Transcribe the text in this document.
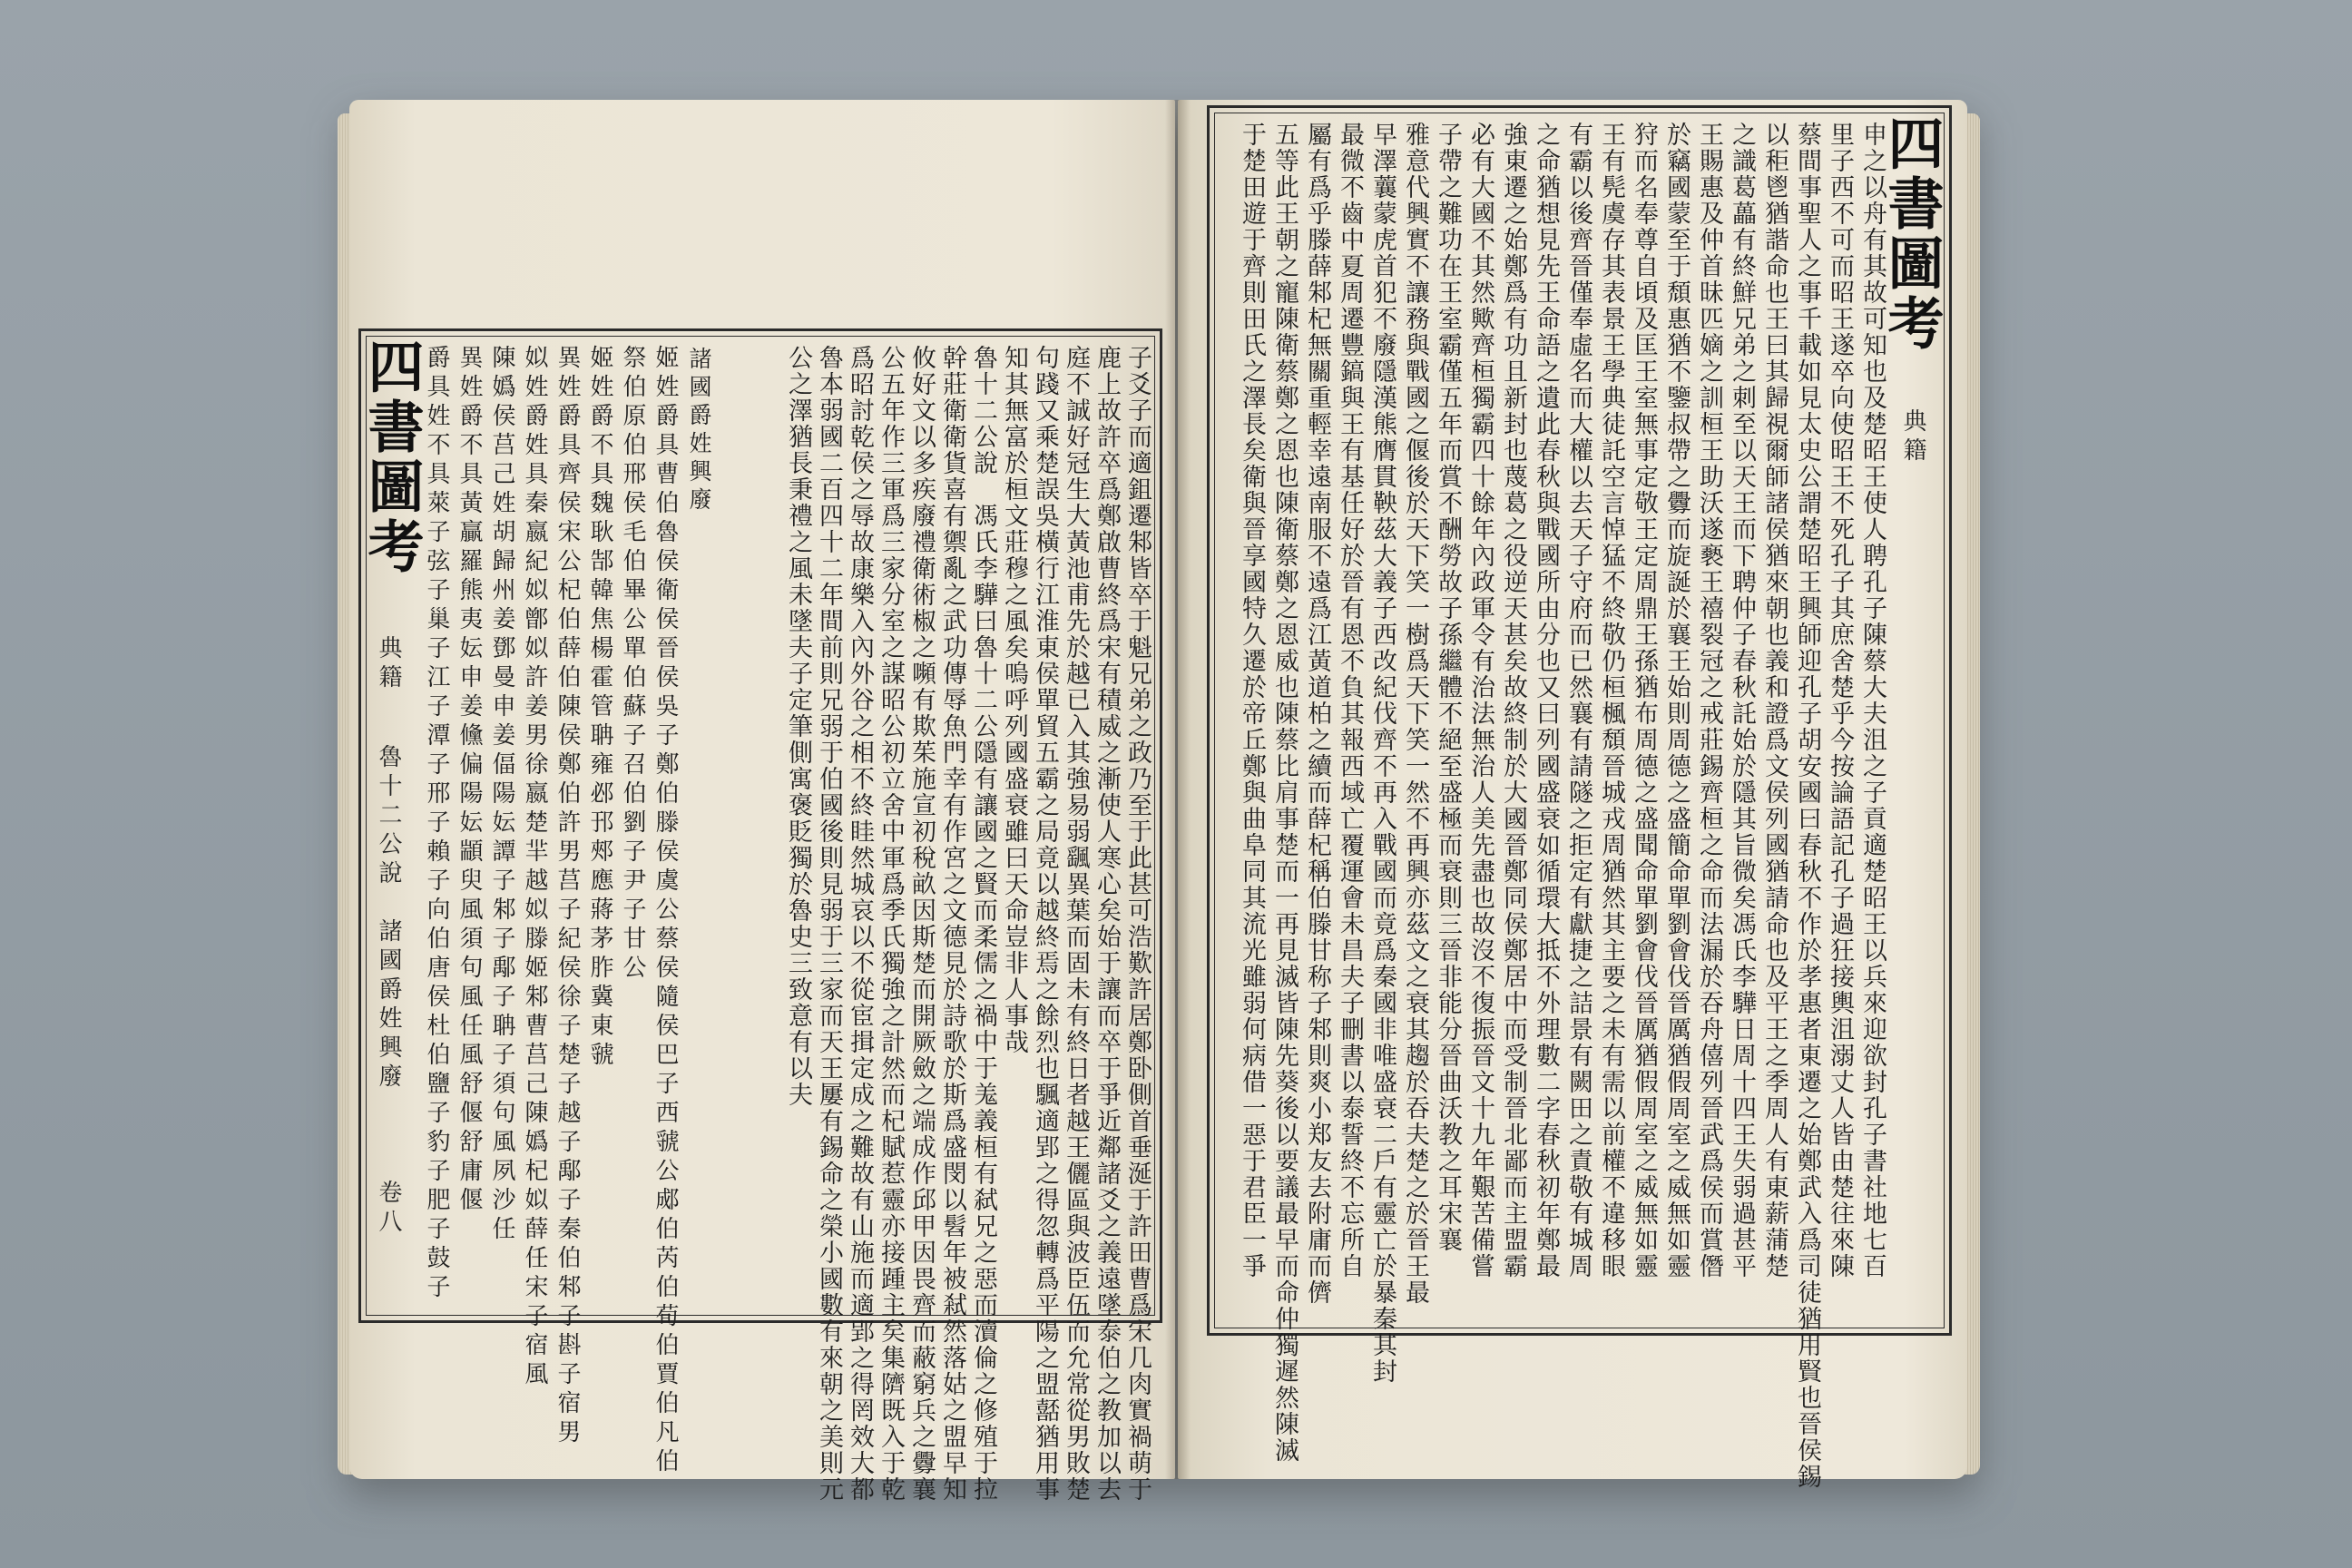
四書圖考
典籍
魯十二公說　諸國爵姓興廢
卷八	子爻子而適鉏遷邾皆卒于魁兄弟之政乃至于此甚可浩歎許居鄭卧側首垂涎于許田曹爲宋几肉實禍萌于
鹿上故許卒爲鄭啟曹終爲宋有積威之漸使人寒心矣始于讓而卒于爭近鄰諸爻之義遠墜泰伯之教加以去
庭不誠好冠生大黃池甫先於越已入其強易弱颻異葉而固未有終日者越王儷區與波臣伍而允常從男敗楚
句踐又乘楚誤吳橫行江淮東侯單貿五霸之局竟以越終焉之餘烈也颿適郢之得忽轉爲平陽之盟嚭猶用事
知其無富於桓文莊穆之風矣嗚呼列國盛衰雖曰天命豈非人事哉
魯十二公說　馮氏李驊曰魯十二公隱有讓國之賢而柔儒之禍中于羗義桓有弑兄之惡而瀆倫之修殖于拉
幹莊衛衛貨喜有禦亂之武功傳辱魚門幸有作宮之文德見於詩歌於斯爲盛閔以髫年被弒然落姑之盟早知
攸好文以多疾廢禮衛術椒之嚬有欺茱施宣初稅畝因斯楚而開厥斂之端成作邱甲因畏齊而蔽窮兵之釁襄
公五年作三軍爲三家分室之謀昭公初立舍中軍爲季氏獨強之計然而杞賦惹靈亦接踵主矣集隮既入于乾
爲昭討乾侯之辱故康樂入內外谷之相不終眭然城哀以不從宦揖定成之難故有山施而適郢之得罔效大都
魯本弱國二百四十二年間前則兄弱于伯國後則見弱于三家而天王屢有錫命之榮小國數有來朝之美則元
公之澤猶長秉禮之風未墜夫子定筆側寓褒貶獨於魯史三致意有以夫
諸國爵姓興廢
姬姓爵具曹伯魯侯衛侯晉侯吳子鄭伯滕侯虞公蔡侯隨侯巴子西虢公郕伯芮伯荀伯賈伯凡伯
祭伯原伯邢侯毛伯畢公單伯蘇子召伯劉子尹子甘公
姬姓爵不具魏耿郜韓焦楊霍管聃雍邲邘郟應蔣茅胙冀東虢
異姓爵具齊侯宋公杞伯薛伯陳侯鄭伯許男莒子紀侯徐子楚子越子鄅子秦伯邾子斟子宿男
姒姓爵姓具秦嬴紀姒鄫姒許姜男徐嬴楚羋越姒滕姬邾曹莒己陳嬀杞姒薛任宋子宿風
陳嬀侯莒己姓胡歸州姜鄧曼申姜偪陽妘譚子邾子鄅子聃子須句風夙沙任
異姓爵不具黃贏羅熊夷妘申姜儵偏陽妘顓臾風須句風任風舒偃舒庸偃
爵具姓不具萊子弦子巢子江子潭子邢子賴子向伯唐侯杜伯鹽子豹子肥子鼓子
四書圖考
典籍
申之以舟有其故可知也及楚昭王使人聘孔子陳蔡大夫沮之子貢適楚昭王以兵來迎欲封孔子書社地七百
里子西不可而昭王遂卒向使昭王不死孔子其庶舍楚乎今按論語記孔子過狂接輿沮溺丈人皆由楚往來陳
蔡間事聖人之事千載如見太史公謂楚昭王興師迎孔子胡安國曰春秋不作於孝惠者東遷之始鄭武入爲司徒猶用賢也晉侯錫
以秬鬯猶諧命也王曰其歸視爾師諸侯猶來朝也義和證爲文侯列國猶請命也及平王之季周人有東薪蒲楚
之識葛藟有終鮮兄弟之刺至以天王而下聘仲子春秋託始於隱其旨微矣馮氏李驊日周十四王失弱過甚平
王賜惠及仲首昧匹嫡之訓桓王助沃遂褻王禧裂冠之戒莊錫齊桓之命而法漏於吞舟僖列晉武爲侯而賞僭
於竊國蒙至于頹惠猶不鑒叔帶之釁而旋誕於襄王始則周德之盛簡命單劉會伐晉厲猶假周室之威無如靈
狩而名奉尊自頃及匡王室無事定敬王定周鼎王孫猶布周德之盛聞命單劉會伐晉厲猶假周室之威無如靈
王有髡虞存其表景王學典徒託空言悼猛不終敬仍桓楓頹晉城戎周猶然其主要之未有需以前權不違移眼
有霸以後齊晉僅奉虛名而大權以去天子守府而已然襄有請隧之拒定有獻捷之詰景有闕田之責敬有城周
之命猶想見先王命語之遺此春秋與戰國所由分也又曰列國盛衰如循環大抵不外理數二字春秋初年鄭最
強東遷之始鄭爲有功且新封也蔑葛之役逆天甚矣故終制於大國晉鄭同侯鄭居中而受制晉北鄙而主盟霸
必有大國不其然歟齊桓獨霸四十餘年內政軍令有治法無治人美先盡也故沒不復振晉文十九年艱苦備嘗
子帶之難功在王室霸僅五年而賞不酬勞故子孫繼體不絕至盛極而衰則三晉非能分晉曲沃教之耳宋襄
雅意代興實不讓務與戰國之偃後於天下笑一樹爲天下笑一然不再興亦茲文之衰其趨於吞夫楚之於晉王最
早澤蘘蒙虎首犯不廢隱漢熊膺貫鞅茲大義子西改紀伐齊不再入戰國而竟爲秦國非唯盛衰二戶有靈亡於暴秦其封
最微不齒中夏周遷豐鎬與王有基任好於晉有恩不負其報西域亡覆運會未昌夫子刪書以泰誓終不忘所自
屬有爲乎滕薛邾杞無關重輕幸遠南服不遠爲江黃道柏之續而薛杞稱伯滕甘称子邾則爽小郑友去附庸而儕
五等此王朝之寵陳衛蔡鄭之恩也陳衛蔡鄭之恩威也陳蔡比肩事楚而一再見滅皆陳先葵後以要議最早而命仲獨遲然陳滅
于楚田遊于齊則田氏之澤長矣衛與晉享國特久遷於帝丘鄭與曲阜同其流光雖弱何病借一惡于君臣一爭
